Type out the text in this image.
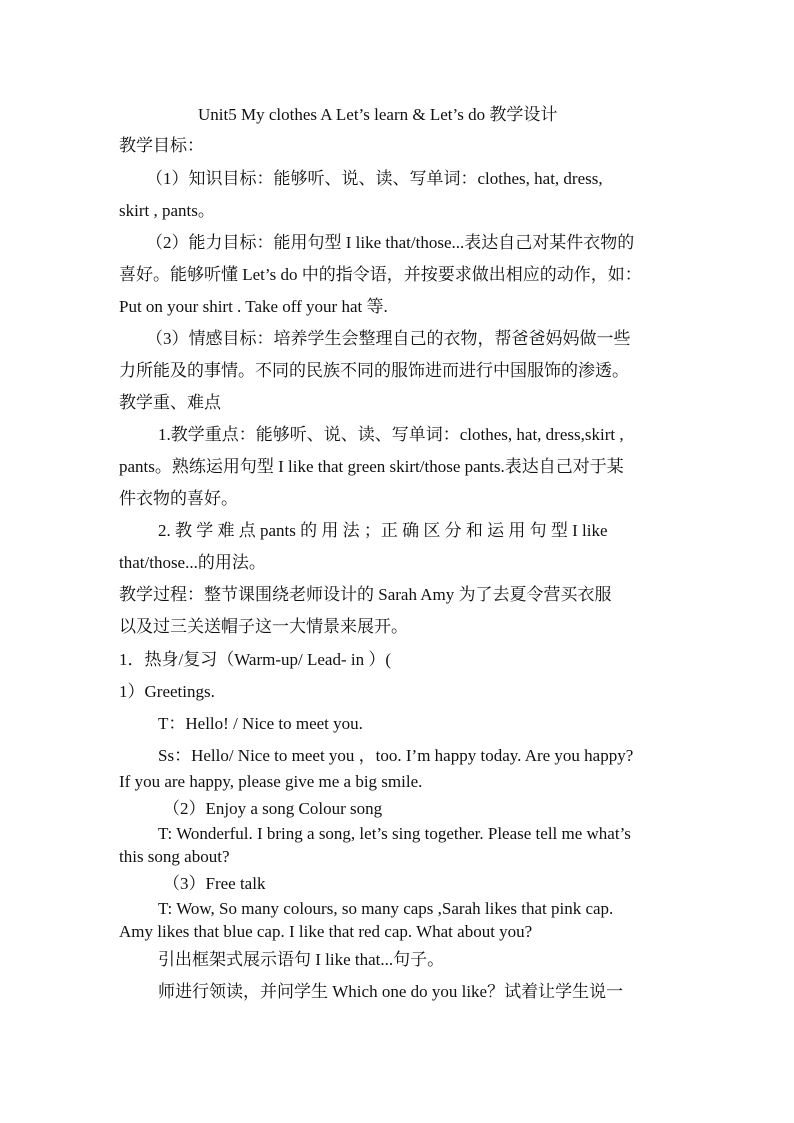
Unit5 My clothes A Let’s learn & Let’s do 教学设计
教学目标：
（1）知识目标：能够听、说、读、写单词：clothes, hat, dress,
skirt , pants。
（2）能力目标：能用句型 I like that/those...表达自己对某件衣物的
喜好。能够听懂 Let’s do 中的指令语，并按要求做出相应的动作，如：
Put on your shirt . Take off your hat 等.
（3）情感目标：培养学生会整理自己的衣物，帮爸爸妈妈做一些
力所能及的事情。不同的民族不同的服饰进而进行中国服饰的渗透。
教学重、难点
1.教学重点：能够听、说、读、写单词：clothes, hat, dress,skirt ,
pants。熟练运用句型 I like that green skirt/those pants.表达自己对于某
件衣物的喜好。
2. 教 学 难 点 pants 的 用 法 ；正 确 区 分 和 运 用 句 型 I like
that/those...的用法。
教学过程：整节课围绕老师设计的 Sarah Amy 为了去夏令营买衣服
以及过三关送帽子这一大情景来展开。
1．热身/复习（Warm-up/ Lead- in ）(
1）Greetings.
T：Hello! / Nice to meet you.
Ss：Hello/ Nice to meet you ，too. I’m happy today. Are you happy?
If you are happy, please give me a big smile.
（2）Enjoy a song Colour song
T: Wonderful. I bring a song, let’s sing together. Please tell me what’s
this song about?
（3）Free talk
T: Wow, So many colours, so many caps ,Sarah likes that pink cap.
Amy likes that blue cap. I like that red cap. What about you?
引出框架式展示语句 I like that...句子。
师进行领读，并问学生 Which one do you like？试着让学生说一
